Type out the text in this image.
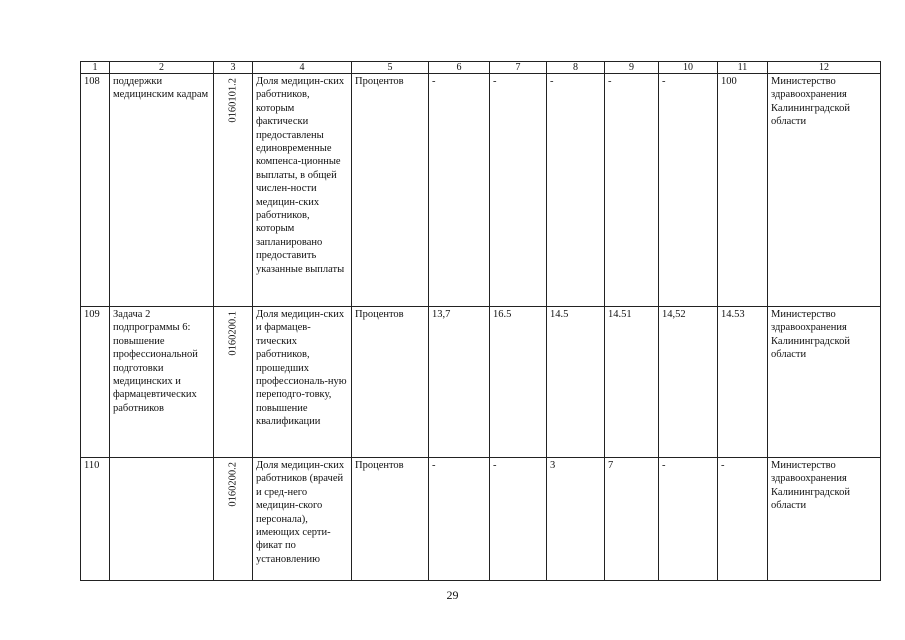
1	2	3	4	5	6	7	8	9	10	11	12
108	поддержки медицинским кадрам	0160101.2	Доля медицин-ских работников, которым фактически предоставлены единовременные компенса-ционные выплаты, в общей числен-ности медицин-ских работников, которым запланировано предоставить указанные выплаты	Процентов	-	-	-	-	-	100	Министерство здравоохранения Калининградской области
109	Задача 2 подпрограммы 6: повышение профессиональной подготовки медицинских и фармацевтических работников	0160200.1	Доля медицин-ских и фармацев-тических работников, прошедших профессиональ-ную переподго-товку, повышение квалификации	Процентов	13,7	16.5	14.5	14.51	14,52	14.53	Министерство здравоохранения Калининградской области
110		0160200.2	Доля медицин-ских работников (врачей и сред-него медицин-ского персонала), имеющих серти-фикат по установлению	Процентов	-	-	3	7	-	-	Министерство здравоохранения Калининградской области
29
